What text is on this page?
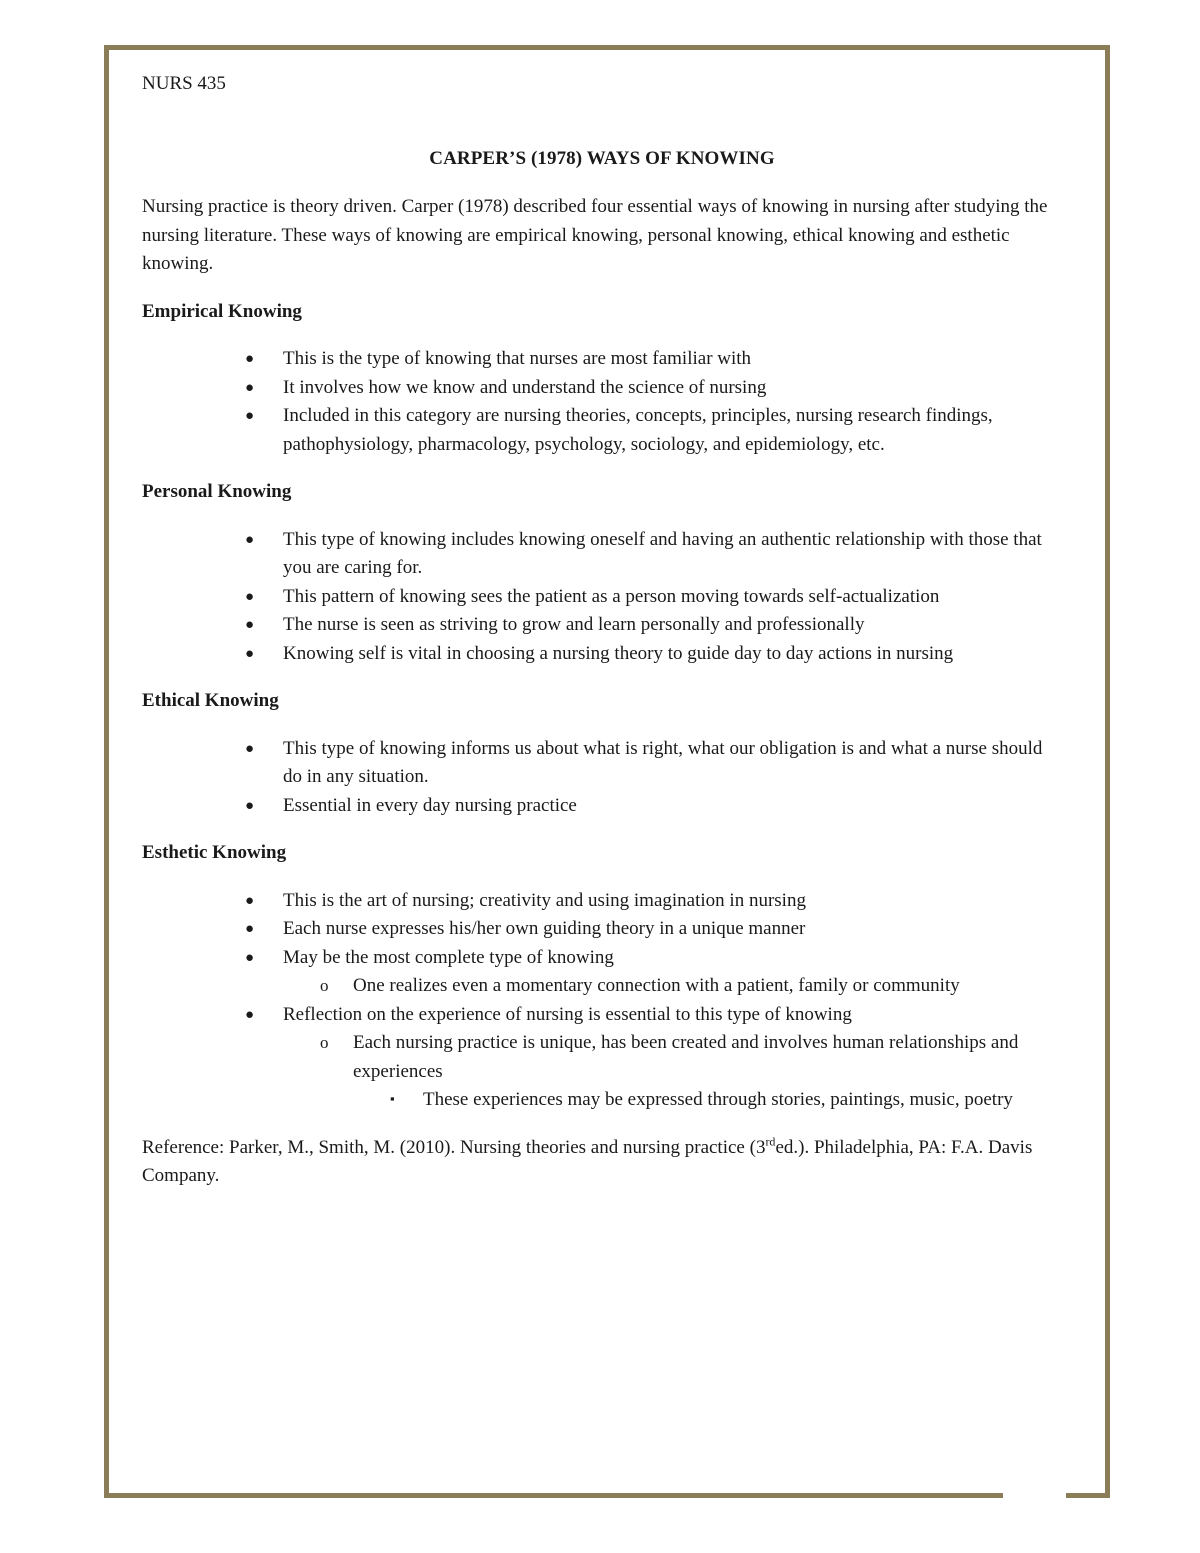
NURS 435

CARPER’S (1978) WAYS OF KNOWING

Nursing practice is theory driven. Carper (1978) described four essential ways of knowing in nursing after studying the nursing literature. These ways of knowing are empirical knowing, personal knowing, ethical knowing and esthetic knowing.

Empirical Knowing

● This is the type of knowing that nurses are most familiar with
● It involves how we know and understand the science of nursing
● Included in this category are nursing theories, concepts, principles, nursing research findings, pathophysiology, pharmacology, psychology, sociology, and epidemiology, etc.

Personal Knowing

● This type of knowing includes knowing oneself and having an authentic relationship with those that you are caring for.
● This pattern of knowing sees the patient as a person moving towards self-actualization
● The nurse is seen as striving to grow and learn personally and professionally
● Knowing self is vital in choosing a nursing theory to guide day to day actions in nursing

Ethical Knowing

● This type of knowing informs us about what is right, what our obligation is and what a nurse should do in any situation.
● Essential in every day nursing practice

Esthetic Knowing

● This is the art of nursing; creativity and using imagination in nursing
● Each nurse expresses his/her own guiding theory in a unique manner
● May be the most complete type of knowing
o One realizes even a momentary connection with a patient, family or community
● Reflection on the experience of nursing is essential to this type of knowing
o Each nursing practice is unique, has been created and involves human relationships and experiences
▪ These experiences may be expressed through stories, paintings, music, poetry

Reference: Parker, M., Smith, M. (2010). Nursing theories and nursing practice (3rded.). Philadelphia, PA: F.A. Davis Company.
